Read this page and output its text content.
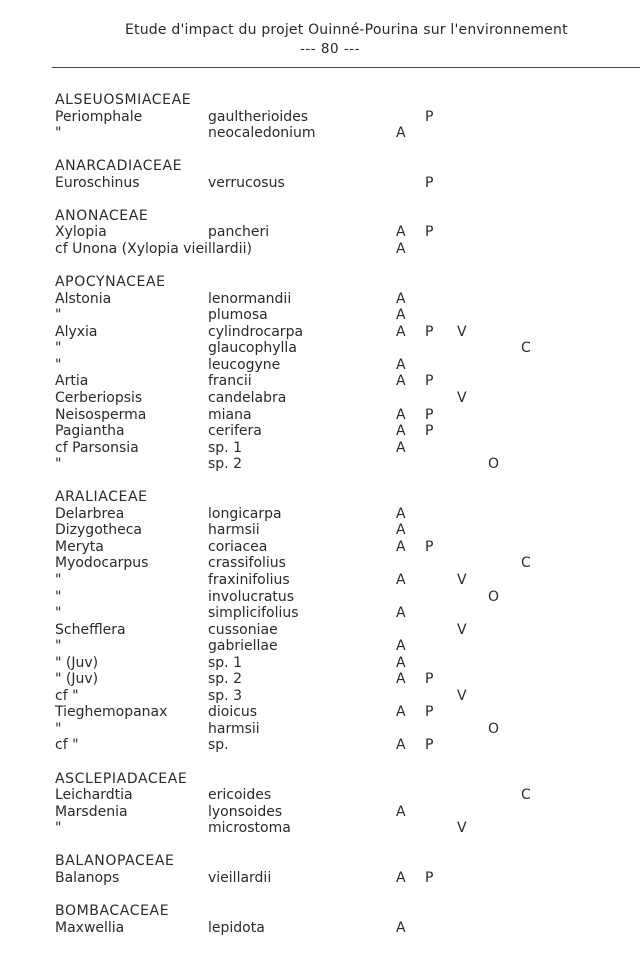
Etude d'impact du projet Ouinné-Pourina sur l'environnement
--- 80 ---
ALSEUOSMIACEAE
Periomphale	gaultherioides	P
"	neocaledonium	A
ANARCADIACEAE
Euroschinus	verrucosus	P
ANONACEAE
Xylopia	pancheri	A P
cf Unona (Xylopia vieillardii)	A
APOCYNACEAE
Alstonia	lenormandii	A
"	plumosa	A
Alyxia	cylindrocarpa	A P V
"	glaucophylla	C
"	leucogyne	A
Artia	francii	A P
Cerberiopsis	candelabra	V
Neisosperma	miana	A P
Pagiantha	cerifera	A P
cf Parsonsia	sp. 1	A
"	sp. 2	O
ARALIACEAE
Delarbrea	longicarpa	A
Dizygotheca	harmsii	A
Meryta	coriacea	A P
Myodocarpus	crassifolius	C
"	fraxinifolius	A	V
"	involucratus	O
"	simplicifolius	A
Schefflera	cussoniae	V
"	gabriellae	A
" (Juv)	sp. 1	A
" (Juv)	sp. 2	A P
cf "	sp. 3	V
Tieghemopanax	dioicus	A P
"	harmsii	O
cf "	sp.	A P
ASCLEPIADACEAE
Leichardtia	ericoides	C
Marsdenia	lyonsoides	A
"	microstoma	V
BALANOPACEAE
Balanops	vieillardii	A P
BOMBACACEAE
Maxwellia	lepidota	A
